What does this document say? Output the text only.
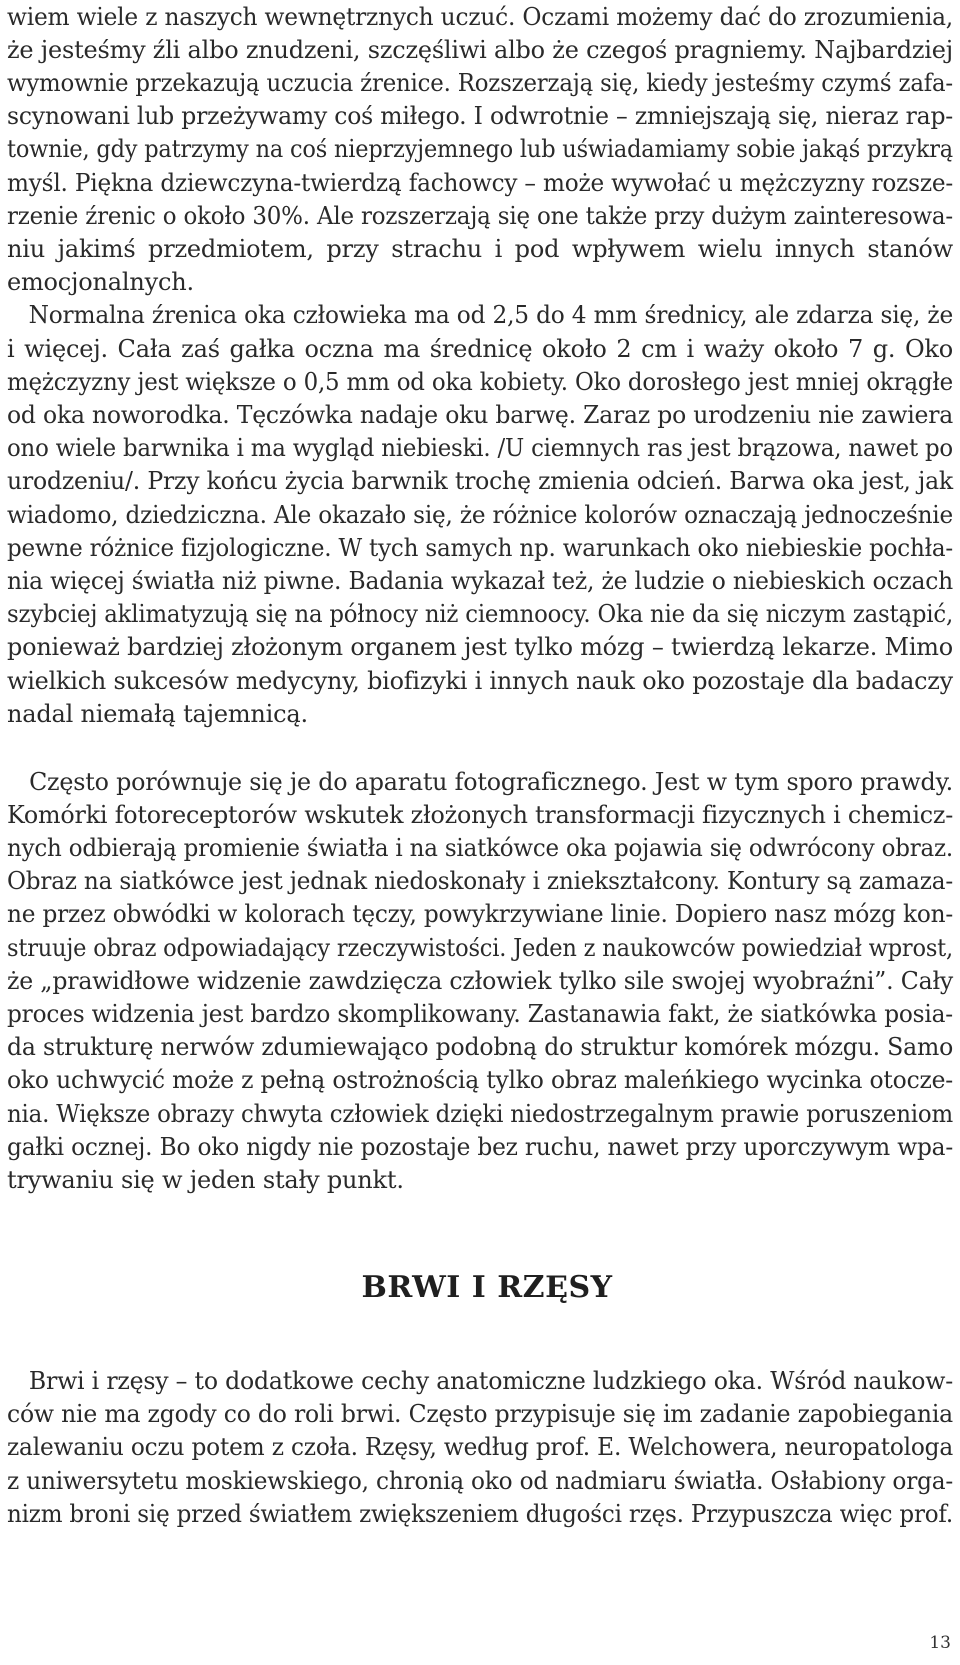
wiem wiele z naszych wewnętrznych uczuć. Oczami możemy dać do zrozumienia,
że jesteśmy źli albo znudzeni, szczęśliwi albo że czegoś pragniemy. Najbardziej
wymownie przekazują uczucia źrenice. Rozszerzają się, kiedy jesteśmy czymś zafa-
scynowani lub przeżywamy coś miłego. I odwrotnie – zmniejszają się, nieraz rap-
townie, gdy patrzymy na coś nieprzyjemnego lub uświadamiamy sobie jakąś przykrą
myśl. Piękna dziewczyna-twierdzą fachowcy – może wywołać u mężczyzny rozsze-
rzenie źrenic o około 30%. Ale rozszerzają się one także przy dużym zainteresowa-
niu jakimś przedmiotem, przy strachu i pod wpływem wielu innych stanów
emocjonalnych.
Normalna źrenica oka człowieka ma od 2,5 do 4 mm średnicy, ale zdarza się, że
i więcej. Cała zaś gałka oczna ma średnicę około 2 cm i waży około 7 g. Oko
mężczyzny jest większe o 0,5 mm od oka kobiety. Oko dorosłego jest mniej okrągłe
od oka noworodka. Tęczówka nadaje oku barwę. Zaraz po urodzeniu nie zawiera
ono wiele barwnika i ma wygląd niebieski. /U ciemnych ras jest brązowa, nawet po
urodzeniu/. Przy końcu życia barwnik trochę zmienia odcień. Barwa oka jest, jak
wiadomo, dziedziczna. Ale okazało się, że różnice kolorów oznaczają jednocześnie
pewne różnice fizjologiczne. W tych samych np. warunkach oko niebieskie pochła-
nia więcej światła niż piwne. Badania wykazał też, że ludzie o niebieskich oczach
szybciej aklimatyzują się na północy niż ciemnoocy. Oka nie da się niczym zastąpić,
ponieważ bardziej złożonym organem jest tylko mózg – twierdzą lekarze. Mimo
wielkich sukcesów medycyny, biofizyki i innych nauk oko pozostaje dla badaczy
nadal niemałą tajemnicą.
Często porównuje się je do aparatu fotograficznego. Jest w tym sporo prawdy.
Komórki fotoreceptorów wskutek złożonych transformacji fizycznych i chemicz-
nych odbierają promienie światła i na siatkówce oka pojawia się odwrócony obraz.
Obraz na siatkówce jest jednak niedoskonały i zniekształcony. Kontury są zamaza-
ne przez obwódki w kolorach tęczy, powykrzywiane linie. Dopiero nasz mózg kon-
struuje obraz odpowiadający rzeczywistości. Jeden z naukowców powiedział wprost,
że „prawidłowe widzenie zawdzięcza człowiek tylko sile swojej wyobraźni”. Cały
proces widzenia jest bardzo skomplikowany. Zastanawia fakt, że siatkówka posia-
da strukturę nerwów zdumiewająco podobną do struktur komórek mózgu. Samo
oko uchwycić może z pełną ostrożnością tylko obraz maleńkiego wycinka otocze-
nia. Większe obrazy chwyta człowiek dzięki niedostrzegalnym prawie poruszeniom
gałki ocznej. Bo oko nigdy nie pozostaje bez ruchu, nawet przy uporczywym wpa-
trywaniu się w jeden stały punkt.
BRWI I RZĘSY
Brwi i rzęsy – to dodatkowe cechy anatomiczne ludzkiego oka. Wśród naukow-
ców nie ma zgody co do roli brwi. Często przypisuje się im zadanie zapobiegania
zalewaniu oczu potem z czoła. Rzęsy, według prof. E. Welchowera, neuropatologa
z uniwersytetu moskiewskiego, chronią oko od nadmiaru światła. Osłabiony orga-
nizm broni się przed światłem zwiększeniem długości rzęs. Przypuszcza więc prof.
13
